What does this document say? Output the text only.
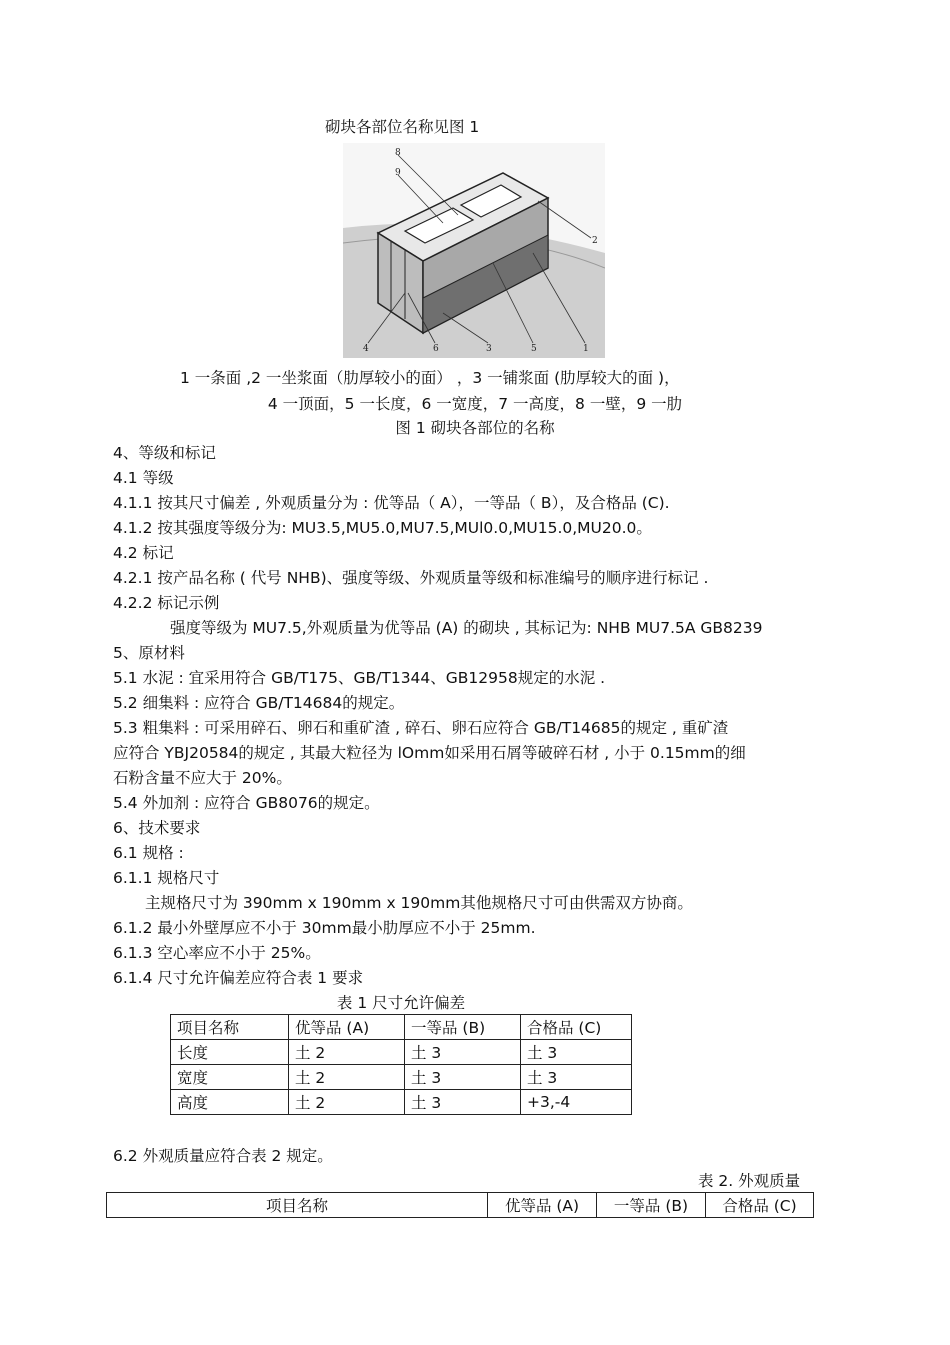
砌块各部位名称见图 1
8
9
2
4	6	3	5	1
1 一条面 ,2 一坐浆面（肋厚较小的面） ，3 一铺浆面 (肋厚较大的面 )，
4 一顶面，5 一长度，6 一宽度，7 一高度，8 一壁，9 一肋
图 1 砌块各部位的名称
4、等级和标记
4.1 等级
4.1.1 按其尺寸偏差 , 外观质量分为 : 优等品（ A），一等品（ B），及合格品 (C).
4.1.2 按其强度等级分为: MU3.5,MU5.0,MU7.5,MUl0.0,MU15.0,MU20.0。
4.2 标记
4.2.1 按产品名称 ( 代号 NHB)、强度等级、外观质量等级和标准编号的顺序进行标记 .
4.2.2 标记示例
强度等级为 MU7.5,外观质量为优等品 (A) 的砌块 , 其标记为: NHB MU7.5A GB8239
5、原材料
5.1 水泥 : 宜采用符合 GB/T175、GB/T1344、GB12958规定的水泥 .
5.2 细集料 : 应符合 GB/T14684的规定。
5.3 粗集料 : 可采用碎石、卵石和重矿渣 , 碎石、卵石应符合 GB/T14685的规定 , 重矿渣
应符合 YBJ20584的规定 , 其最大粒径为 lOmm如采用石屑等破碎石材 , 小于 0.15mm的细
石粉含量不应大于 20%。
5.4 外加剂 : 应符合 GB8076的规定。
6、技术要求
6.1 规格 :
6.1.1 规格尺寸
主规格尺寸为 390mm x 190mm x 190mm其他规格尺寸可由供需双方协商。
6.1.2 最小外壁厚应不小于 30mm最小肋厚应不小于 25mm.
6.1.3 空心率应不小于 25%。
6.1.4 尺寸允许偏差应符合表 1 要求
表 1 尺寸允许偏差
项目名称	优等品 (A)	一等品 (B)	合格品 (C)
长度	土 2	土 3	土 3
宽度	土 2	土 3	土 3
高度	土 2	土 3	+3,-4
6.2 外观质量应符合表 2 规定。
表 2. 外观质量
项目名称	优等品 (A)	一等品 (B)	合格品 (C)
